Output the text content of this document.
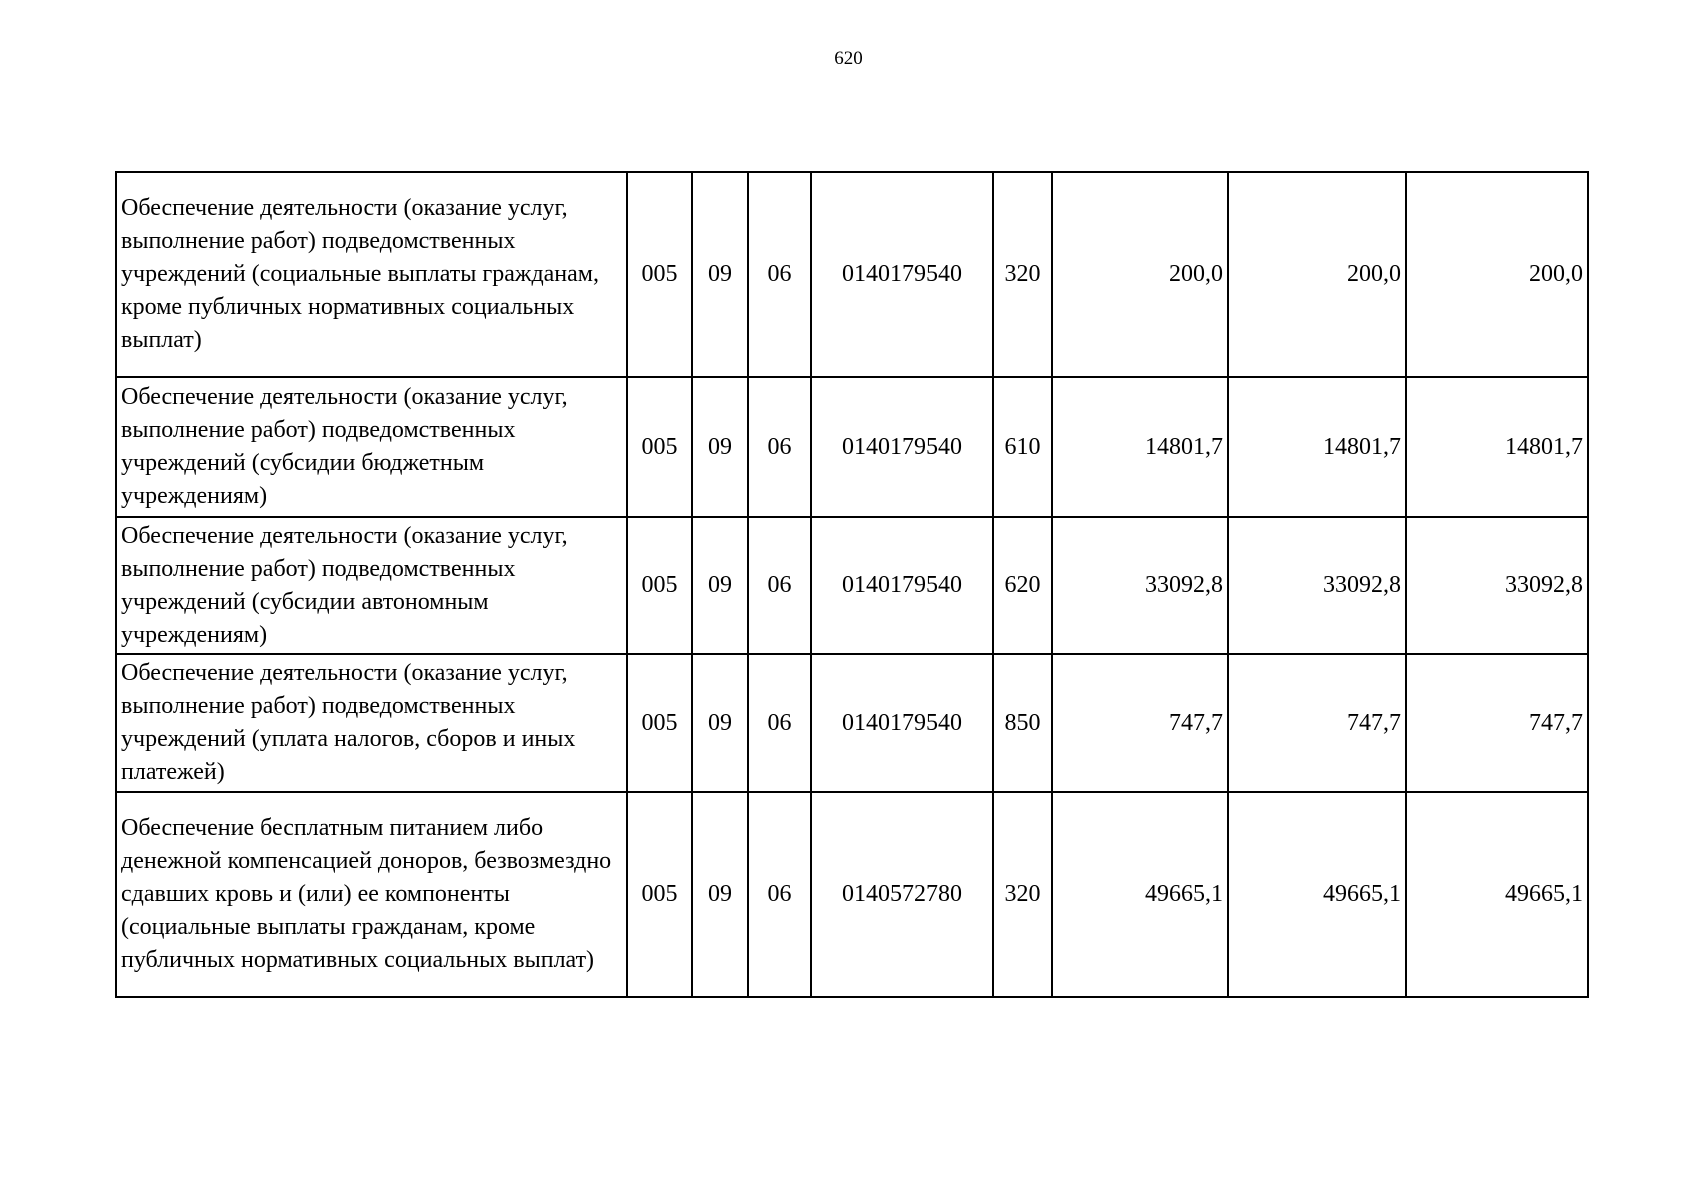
620
Обеспечение деятельности (оказание услуг, выполнение работ) подведомственных учреждений (социальные выплаты гражданам, кроме публичных нормативных социальных выплат)	005	09	06	0140179540	320	200,0	200,0	200,0

Обеспечение деятельности (оказание услуг, выполнение работ) подведомственных учреждений (субсидии бюджетным учреждениям)	005	09	06	0140179540	610	14801,7	14801,7	14801,7

Обеспечение деятельности (оказание услуг, выполнение работ) подведомственных учреждений (субсидии автономным учреждениям)	005	09	06	0140179540	620	33092,8	33092,8	33092,8

Обеспечение деятельности (оказание услуг, выполнение работ) подведомственных учреждений (уплата налогов, сборов и иных платежей)	005	09	06	0140179540	850	747,7	747,7	747,7

Обеспечение бесплатным питанием либо денежной компенсацией доноров, безвозмездно сдавших кровь и (или) ее компоненты (социальные выплаты гражданам, кроме публичных нормативных социальных выплат)	005	09	06	0140572780	320	49665,1	49665,1	49665,1
